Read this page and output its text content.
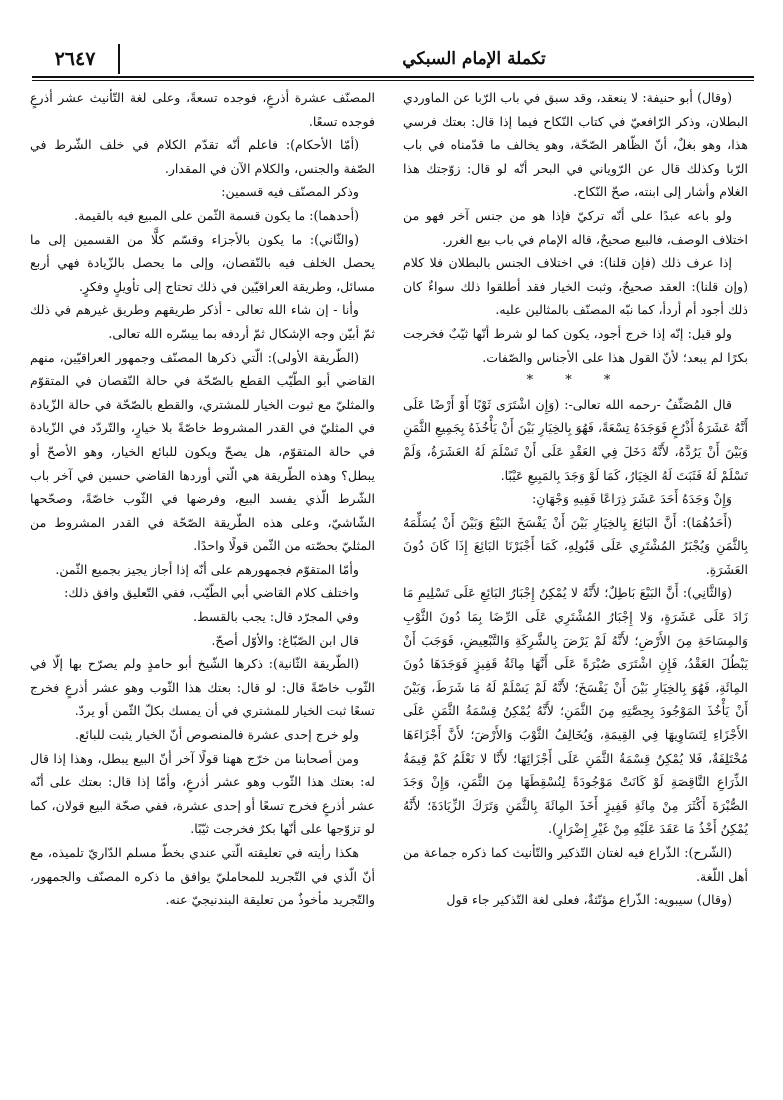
٢٦٤٧	تكملة الإمام السبكي

(وقال) أبو حنيفة: لا ينعقد، وقد سبق في باب الرّبا عن الماوردي البطلان، وذكر الرّافعيّ في كتاب النّكاح فيما إذا قال: بعتك فرسي هذا، وهو بغلٌ، أنّ الظّاهر الصّحّة، وهو يخالف ما قدّمناه في باب الرّبا وكذلك قال عن الرّوياني في البحر أنّه لو قال: زوّجتك هذا الغلام وأشار إلى ابنته، صحّ النّكاح.

ولو باعه عبدًا على أنّه تركيّ فإذا هو من جنس آخر فهو من اختلاف الوصف، فالبيع صحيحٌ، قاله الإمام في باب بيع الغرر.

إذا عرف ذلك (فإن قلنا): في اختلاف الجنس بالبطلان فلا كلام (وإن قلنا): العقد صحيحٌ، وثبت الخيار فقد أطلقوا ذلك سواءٌ كان ذلك أجود أم أردأ، كما نبّه المصنّف بالمثالين عليه.

ولو قيل: إنّه إذا خرج أجود، يكون كما لو شرط أنّها ثيّبٌ فخرجت بكرًا لم يبعد؛ لأنّ القول هذا على الأجناس والصّفات.

* * *

قال المُصَنِّفُ -رحمه الله تعالى-: (وَإِن اشْتَرَى ثَوْبًا أَوْ أَرْضًا عَلَى أَنَّهُ عَشَرَةُ أَذْرُعٍ فَوَجَدَهُ تِسْعَةً، فَهُوَ بِالخِيَارِ بَيْنَ أَنْ يَأْخُذَهُ بِجَمِيعِ الثَّمَنِ وَبَيْنَ أَنْ يَرُدَّهُ، لأَنَّهُ دَخَلَ فِي العَقْدِ عَلَى أَنْ تَسْلَمَ لَهُ العَشَرَةُ، وَلَمْ تَسْلَمْ لَهُ فَثَبَتَ لَهُ الخِيَارُ، كَمَا لَوْ وَجَدَ بِالمَبِيعِ عَيْبًا.

وَإِنْ وَجَدَهُ أَحَدَ عَشَرَ ذِرَاعًا فَفِيهِ وَجْهَانِ:

(أَحَدُهُمَا): أَنَّ البَائِعَ بِالخِيَارِ بَيْنَ أَنْ يَفْسَخَ البَيْعَ وَبَيْنَ أَنْ يُسَلِّمَهُ بِالثَّمَنِ وَيُجْبَرُ المُشْتَرِي عَلَى قَبُولِهِ، كَمَا أَجْبَرْنَا البَائِعَ إِذَا كَانَ دُونَ العَشَرَةِ.

(وَالثَّانِي): أَنَّ البَيْعَ بَاطِلٌ؛ لأَنَّهُ لا يُمْكِنُ إِجْبَارُ البَائِعِ عَلَى تَسْلِيمِ مَا زَادَ عَلَى عَشَرَةٍ، وَلا إِجْبَارُ المُشْتَرِي عَلَى الرِّضَا بِمَا دُونَ الثَّوْبِ وَالمِسَاحَةِ مِنَ الأَرْضِ؛ لأَنَّهُ لَمْ يَرْضَ بِالشَّرِكَةِ وَالتَّبْعِيضِ، فَوَجَبَ أَنْ يَبْطُلَ العَقْدُ، فَإِنِ اشْتَرَى صُبْرَةً عَلَى أَنَّهَا مِائَةُ قَفِيزٍ فَوَجَدَهَا دُونَ المِائَةِ، فَهُوَ بِالخِيَارِ بَيْنَ أَنْ يَفْسَخَ؛ لأَنَّهُ لَمْ يَسْلَمْ لَهُ مَا شَرَطَ، وَبَيْنَ أَنْ يَأْخُذَ المَوْجُودَ بِحِصَّتِهِ مِنَ الثَّمَنِ؛ لأَنَّهُ يُمْكِنُ قِسْمَةُ الثَّمَنِ عَلَى الأَجْزَاءِ لِتَسَاوِيهَا فِي القِيمَةِ، وَيُخَالِفُ الثَّوْبَ وَالأَرْضَ؛ لأَنَّ أَجْزَاءَهَا مُخْتَلِفَةٌ، فَلا يُمْكِنُ قِسْمَةُ الثَّمَنِ عَلَى أَجْزَائِهَا؛ لأَنَّا لا نَعْلَمُ كَمْ قِيمَةُ الذِّرَاعِ النَّاقِصَةِ لَوْ كَانَتْ مَوْجُودَةً لِنُسْقِطَهَا مِنَ الثَّمَنِ، وَإِنْ وَجَدَ الصُّبْرَةَ أَكْثَرَ مِنْ مِائَةِ قَفِيزٍ أَخَذَ المِائَةَ بِالثَّمَنِ وَتَرَكَ الزِّيَادَةَ؛ لأَنَّهُ يُمْكِنُ أَخْذُ مَا عَقَدَ عَلَيْهِ مِنْ غَيْرِ إِضْرَارٍ).

(الشّرح): الذّراع فيه لغتان التّذكير والتّأنيث كما ذكره جماعة من أهل اللّغة.

(وقال) سيبويه: الذّراع مؤنّثةٌ، فعلى لغة التّذكير جاء قول

المصنّف عشرة أذرعٍ، فوجده تسعةً، وعلى لغة التّأنيث عشر أذرعٍ فوجده تسعًا.

(أمّا الأحكام): فاعلم أنّه تقدّم الكلام في خلف الشّرط في الصّفة والجنس، والكلام الآن في المقدار.

وذكر المصنّف فيه قسمين:

(أحدهما): ما يكون قسمة الثّمن على المبيع فيه بالقيمة.

(والثّاني): ما يكون بالأجزاء وقسّم كلًّا من القسمين إلى ما يحصل الخلف فيه بالنّقصان، وإلى ما يحصل بالزّيادة فهي أربع مسائل، وطريقة العراقيّين في ذلك تحتاج إلى تأويلٍ وفكرٍ.

وأنا - إن شاء الله تعالى - أذكر طريقهم وطريق غيرهم في ذلك ثمّ أبيّن وجه الإشكال ثمّ أردفه بما ييسّره الله تعالى.

(الطّريقة الأولى): الّتي ذكرها المصنّف وجمهور العراقيّين، منهم القاضي أبو الطّيّب القطع بالصّحّة في حالة النّقصان في المتقوّم والمثليّ مع ثبوت الخيار للمشتري، والقطع بالصّحّة في حالة الزّيادة في المثليّ في القدر المشروط خاصّةً بلا خيارٍ، والتّردّد في الزّيادة في حالة المتقوّم، هل يصحّ ويكون للبائع الخيار، وهو الأصحّ أو يبطل؟ وهذه الطّريقة هي الّتي أوردها القاضي حسين في آخر باب الشّرط الّذي يفسد البيع، وفرضها في الثّوب خاصّةً، وصحّحها الشّاشيّ، وعلى هذه الطّريقة الصّحّة في القدر المشروط من المثليّ بحصّته من الثّمن قولًا واحدًا.

وأمّا المتقوّم فجمهورهم على أنّه إذا أجاز يجيز بجميع الثّمن.

واختلف كلام القاضي أبي الطّيّب، ففي التّعليق وافق ذلك:

وفي المجرّد قال: يجب بالقسط.

قال ابن الصّبّاغ: والأوّل أصحّ.

(الطّريقة الثّانية): ذكرها الشّيخ أبو حامدٍ ولم يصرّح بها إلّا في الثّوب خاصّةً قال: لو قال: بعتك هذا الثّوب وهو عشر أذرعٍ فخرج تسعًا ثبت الخيار للمشتري في أن يمسك بكلّ الثّمن أو يردّ.

ولو خرج إحدى عشرة فالمنصوص أنّ الخيار يثبت للبائع.

ومن أصحابنا من خرّج ههنا قولًا آخر أنّ البيع يبطل، وهذا إذا قال له: بعتك هذا الثّوب وهو عشر أذرعٍ، وأمّا إذا قال: بعتك على أنّه عشر أذرعٍ فخرج تسعًا أو إحدى عشرة، ففي صحّة البيع قولان، كما لو تزوّجها على أنّها بكرٌ فخرجت ثيّبًا.

هكذا رأيته في تعليقته الّتي عندي بخطّ مسلم الدّاريّ تلميذه، مع أنّ الّذي في التّجريد للمحامليّ يوافق ما ذكره المصنّف والجمهور، والتّجريد مأخوذٌ من تعليقة البندنيجيّ عنه.
